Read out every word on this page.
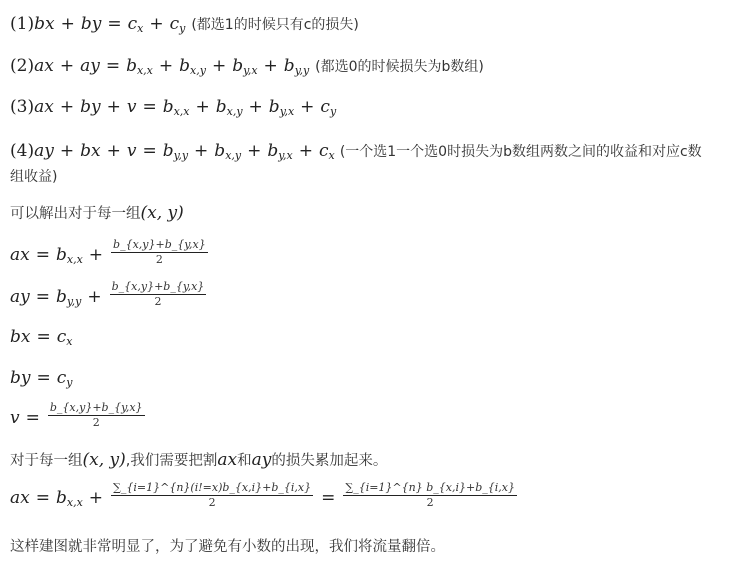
(1)bx + by = $c_x + c_y$ (都选1的时候只有c的损失)
(2)ax + ay = $b_{x,x} + b_{x,y} + b_{y,x} + b_{y,y}$ (都选0的时候损失为b数组)
(3)ax + by + $v = b_{x,x} + b_{x,y} + b_{y,x} + c_y$
(4)ay + bx + $v = b_{y,y} + b_{x,y} + b_{y,x} + c_x$ (一个选1一个选0时损失为b数组两数之间的收益和对应c数
组收益)
可以解出对于每一组 (x, y)
ax = $b_{x,x} + \frac{b\_\{x,y\}+b\_\{y,x\}}{2}$
ay = $b_{y,y} + \frac{b\_\{x,y\}+b\_\{y,x\}}{2}$
bx = $c_x$
by = $c_y$
$v = \frac{b\_\{x,y\}+b\_\{y,x\}}{2}$
对于每一组 (x, y) ,我们需要把割 ax 和 ay 的损失累加起来。
ax = $b_{x,x} + \frac{\sum\_\{i=1\}\^{}\{n\}(i!=x)b\_\{x,i\}+b\_\{i,x\}}{2} = \frac{\sum\_\{i=1\}\^{}\{n\} b\_\{x,i\}+b\_\{i,x\}}{2}$
这样建图就非常明显了，为了避免有小数的出现，我们将流量翻倍。
